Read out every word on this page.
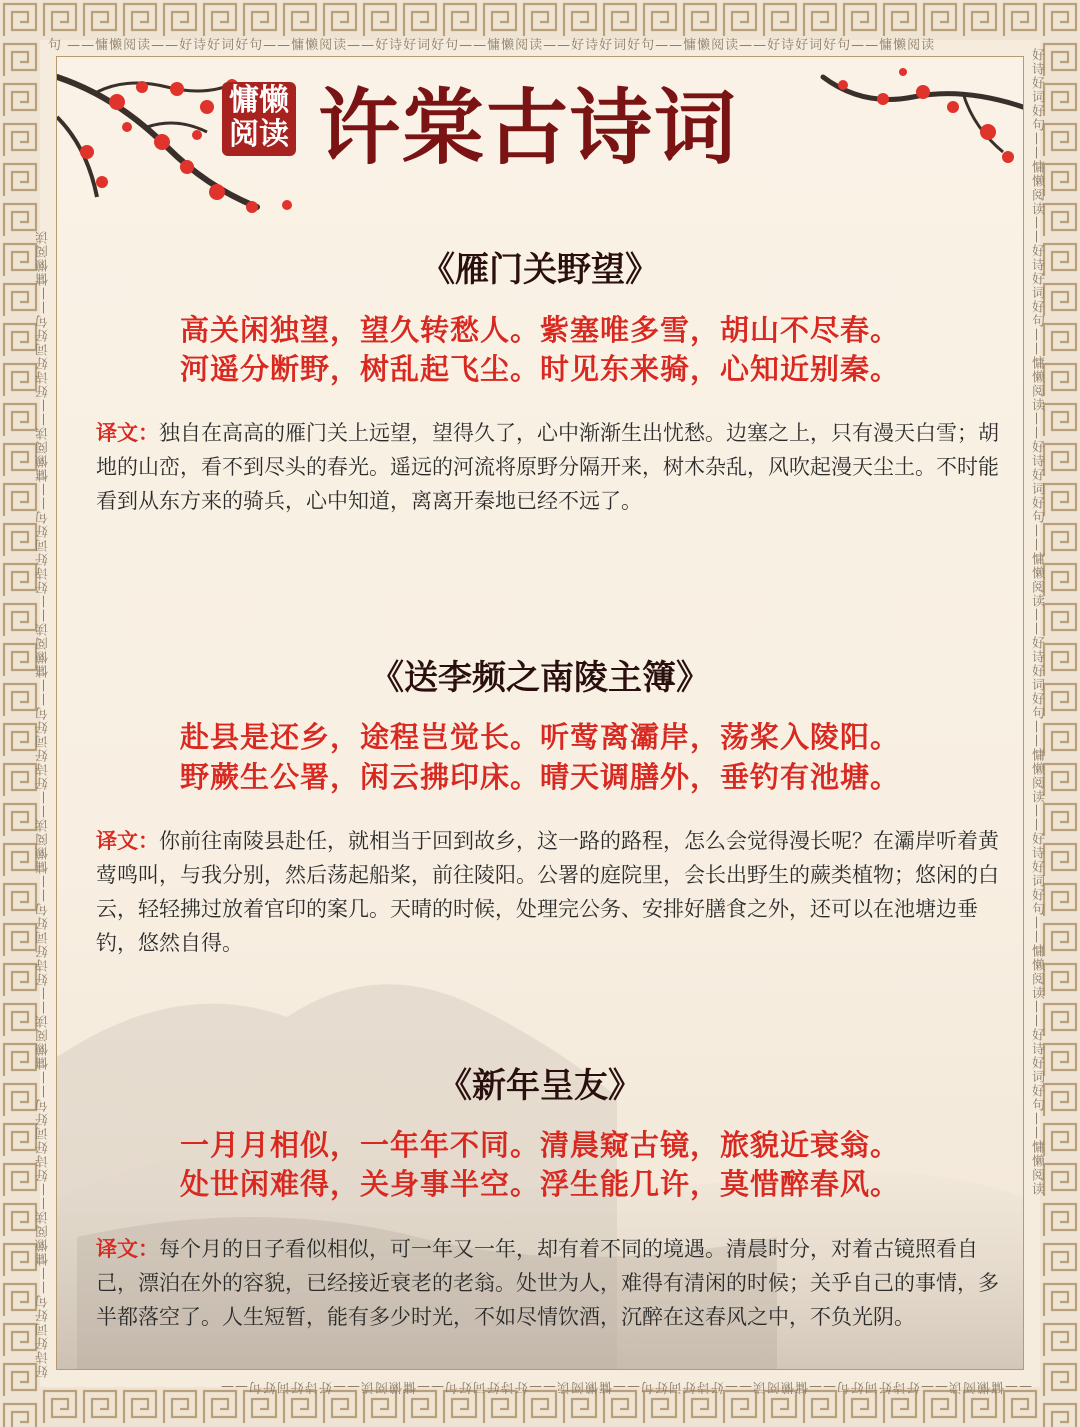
句 ——慵懒阅读——好诗好词好句——慵懒阅读——好诗好词好句——慵懒阅读——好诗好词好句——慵懒阅读——好诗好词好句——慵懒阅读
——慵懒阅读——好诗好词好句——慵懒阅读——好诗好词好句——慵懒阅读——好诗好词好句——慵懒阅读——好诗好词好句——
好诗好词好句——慵懒阅读——好诗好词好句——慵懒阅读——好诗好词好句——慵懒阅读——好诗好词好句——慵懒阅读——好诗好词好句——慵懒阅读——好诗好词好句——慵懒阅读	好诗好词好句——慵懒阅读——好诗好词好句——慵懒阅读——好诗好词好句——慵懒阅读——好诗好词好句——慵懒阅读——好诗好词好句——慵懒阅读——好诗好词好句——慵懒阅读
慵懒
阅读 许棠古诗词
《雁门关野望》
高关闲独望，望久转愁人。紫塞唯多雪，胡山不尽春。
河遥分断野，树乱起飞尘。时见东来骑，心知近别秦。
译文：独自在高高的雁门关上远望，望得久了，心中渐渐生出忧愁。边塞之上，只有漫天白雪；胡地的山峦，看不到尽头的春光。遥远的河流将原野分隔开来，树木杂乱，风吹起漫天尘土。不时能看到从东方来的骑兵，心中知道，离离开秦地已经不远了。
《送李频之南陵主簿》
赴县是还乡，途程岂觉长。听莺离灞岸，荡桨入陵阳。
野蕨生公署，闲云拂印床。晴天调膳外，垂钓有池塘。
译文：你前往南陵县赴任，就相当于回到故乡，这一路的路程，怎么会觉得漫长呢？在灞岸听着黄莺鸣叫，与我分别，然后荡起船桨，前往陵阳。公署的庭院里，会长出野生的蕨类植物；悠闲的白云，轻轻拂过放着官印的案几。天晴的时候，处理完公务、安排好膳食之外，还可以在池塘边垂钓，悠然自得。
《新年呈友》
一月月相似，一年年不同。清晨窥古镜，旅貌近衰翁。
处世闲难得，关身事半空。浮生能几许，莫惜醉春风。
译文：每个月的日子看似相似，可一年又一年，却有着不同的境遇。清晨时分，对着古镜照看自己，漂泊在外的容貌，已经接近衰老的老翁。处世为人，难得有清闲的时候；关乎自己的事情，多半都落空了。人生短暂，能有多少时光，不如尽情饮酒，沉醉在这春风之中，不负光阴。
